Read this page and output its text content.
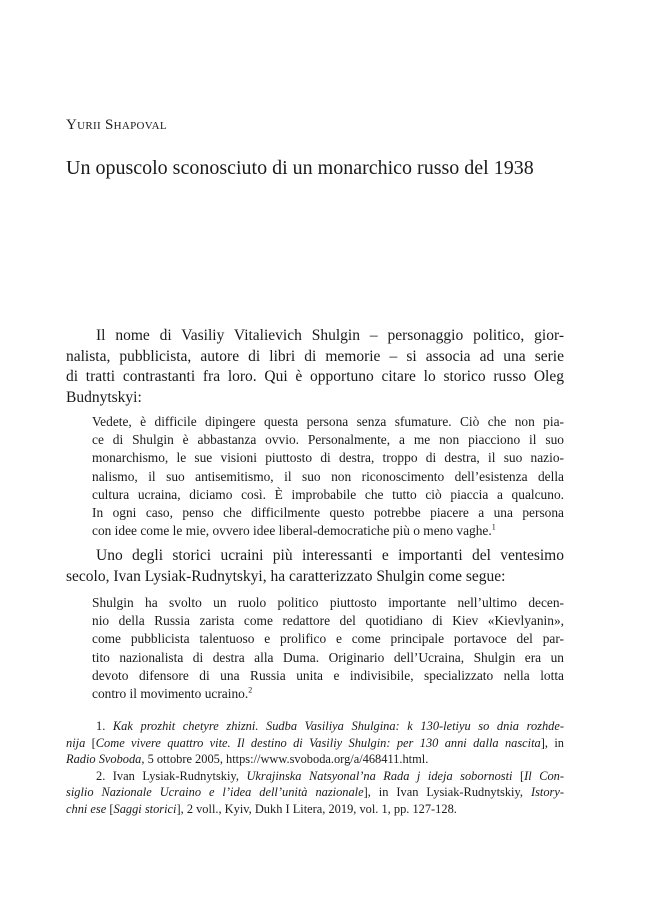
Yurii Shapoval

Un opuscolo sconosciuto di un monarchico russo del 1938

Il nome di Vasiliy Vitalievich Shulgin – personaggio politico, gior-
nalista, pubblicista, autore di libri di memorie – si associa ad una serie
di tratti contrastanti fra loro. Qui è opportuno citare lo storico russo Oleg
Budnytskyi:

Vedete, è difficile dipingere questa persona senza sfumature. Ciò che non pia-
ce di Shulgin è abbastanza ovvio. Personalmente, a me non piacciono il suo
monarchismo, le sue visioni piuttosto di destra, troppo di destra, il suo nazio-
nalismo, il suo antisemitismo, il suo non riconoscimento dell’esistenza della
cultura ucraina, diciamo così. È improbabile che tutto ciò piaccia a qualcuno.
In ogni caso, penso che difficilmente questo potrebbe piacere a una persona
con idee come le mie, ovvero idee liberal-democratiche più o meno vaghe.$^1$

Uno degli storici ucraini più interessanti e importanti del ventesimo
secolo, Ivan Lysiak-Rudnytskyi, ha caratterizzato Shulgin come segue:

Shulgin ha svolto un ruolo politico piuttosto importante nell’ultimo decen-
nio della Russia zarista come redattore del quotidiano di Kiev «Kievlyanin»,
come pubblicista talentuoso e prolifico e come principale portavoce del par-
tito nazionalista di destra alla Duma. Originario dell’Ucraina, Shulgin era un
devoto difensore di una Russia unita e indivisibile, specializzato nella lotta
contro il movimento ucraino.$^2$

1. Kak prozhit chetyre zhizni. Sudba Vasiliya Shulgina: k 130-letiyu so dnia rozhde-
nija [Come vivere quattro vite. Il destino di Vasiliy Shulgin: per 130 anni dalla nascita], in
Radio Svoboda, 5 ottobre 2005, https://www.svoboda.org/a/468411.html.

2. Ivan Lysiak-Rudnytskiy, Ukrajinska Natsyonal’na Rada j ideja sobornosti [Il Con-
siglio Nazionale Ucraino e l’idea dell’unità nazionale], in Ivan Lysiak-Rudnytskiy, Istory-
chni ese [Saggi storici], 2 voll., Kyiv, Dukh I Litera, 2019, vol. 1, pp. 127-128.
